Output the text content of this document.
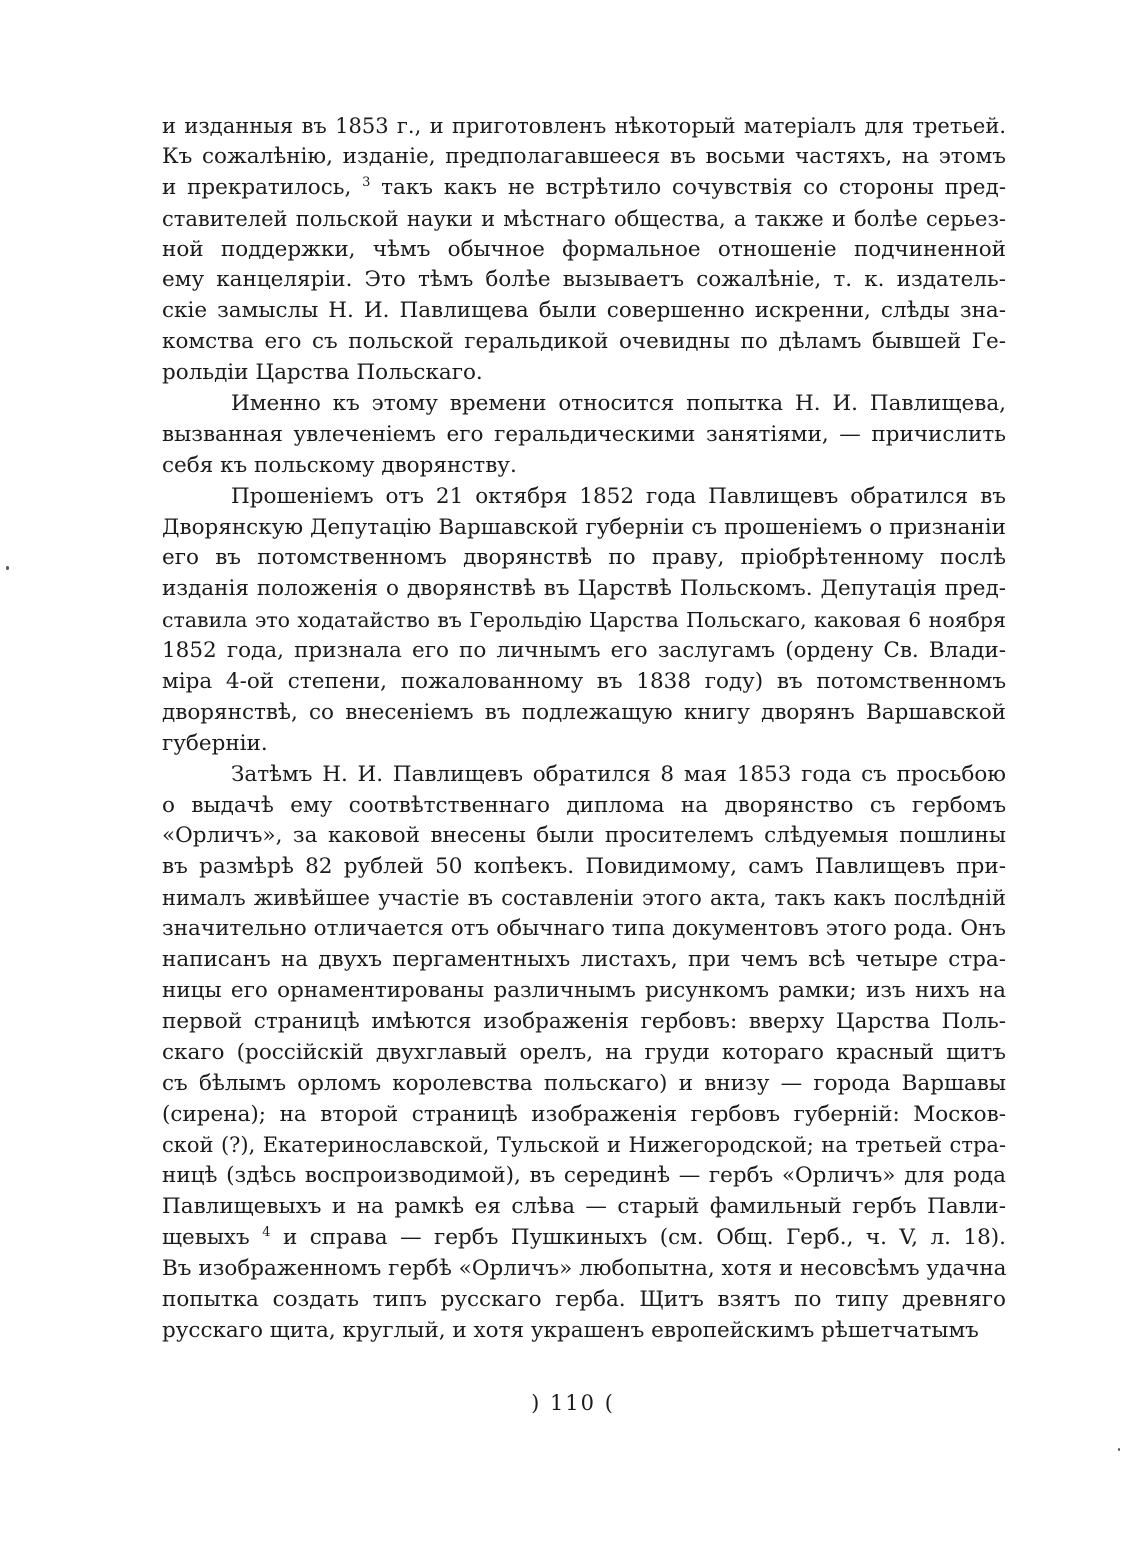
и изданныя въ 1853 г., и приготовленъ нѣкоторый матеріалъ для третьей.
Къ сожалѣнію, изданіе, предполагавшееся въ восьми частяхъ, на этомъ
и прекратилось, $^3$ такъ какъ не встрѣтило сочувствія со стороны пред-
ставителей польской науки и мѣстнаго общества, а также и болѣе серьез-
ной поддержки, чѣмъ обычное формальное отношеніе подчиненной
ему канцеляріи. Это тѣмъ болѣе вызываетъ сожалѣніе, т. к. издатель-
скіе замыслы Н. И. Павлищева были совершенно искренни, слѣды зна-
комства его съ польской геральдикой очевидны по дѣламъ бывшей Ге-
рольдіи Царства Польскаго.
Именно къ этому времени относится попытка Н. И. Павлищева,
вызванная увлеченіемъ его геральдическими занятіями, — причислить
себя къ польскому дворянству.
Прошеніемъ отъ 21 октября 1852 года Павлищевъ обратился въ
Дворянскую Депутацію Варшавской губерніи съ прошеніемъ о признаніи
его въ потомственномъ дворянствѣ по праву, пріобрѣтенному послѣ
изданія положенія о дворянствѣ въ Царствѣ Польскомъ. Депутація пред-
ставила это ходатайство въ Герольдію Царства Польскаго, каковая 6 ноября
1852 года, признала его по личнымъ его заслугамъ (ордену Св. Влади-
міра 4-ой степени, пожалованному въ 1838 году) въ потомственномъ
дворянствѣ, со внесеніемъ въ подлежащую книгу дворянъ Варшавской
губерніи.
Затѣмъ Н. И. Павлищевъ обратился 8 мая 1853 года съ просьбою
о выдачѣ ему соотвѣтственнаго диплома на дворянство съ гербомъ
«Орличъ», за каковой внесены были просителемъ слѣдуемыя пошлины
въ размѣрѣ 82 рублей 50 копѣекъ. Повидимому, самъ Павлищевъ при-
нималъ живѣйшее участіе въ составленіи этого акта, такъ какъ послѣдній
значительно отличается отъ обычнаго типа документовъ этого рода. Онъ
написанъ на двухъ пергаментныхъ листахъ, при чемъ всѣ четыре стра-
ницы его орнаментированы различнымъ рисункомъ рамки; изъ нихъ на
первой страницѣ имѣются изображенія гербовъ: вверху Царства Поль-
скаго (россійскій двухглавый орелъ, на груди котораго красный щитъ
съ бѣлымъ орломъ королевства польскаго) и внизу — города Варшавы
(сирена); на второй страницѣ изображенія гербовъ губерній: Москов-
ской (?), Екатеринославской, Тульской и Нижегородской; на третьей стра-
ницѣ (здѣсь воспроизводимой), въ серединѣ — гербъ «Орличъ» для рода
Павлищевыхъ и на рамкѣ ея слѣва — старый фамильный гербъ Павли-
щевыхъ $^4$ и справа — гербъ Пушкиныхъ (см. Общ. Герб., ч. V, л. 18).
Въ изображенномъ гербѣ «Орличъ» любопытна, хотя и несовсѣмъ удачна
попытка создать типъ русскаго герба. Щитъ взятъ по типу древняго
русскаго щита, круглый, и хотя украшенъ европейскимъ рѣшетчатымъ
) 110 (
